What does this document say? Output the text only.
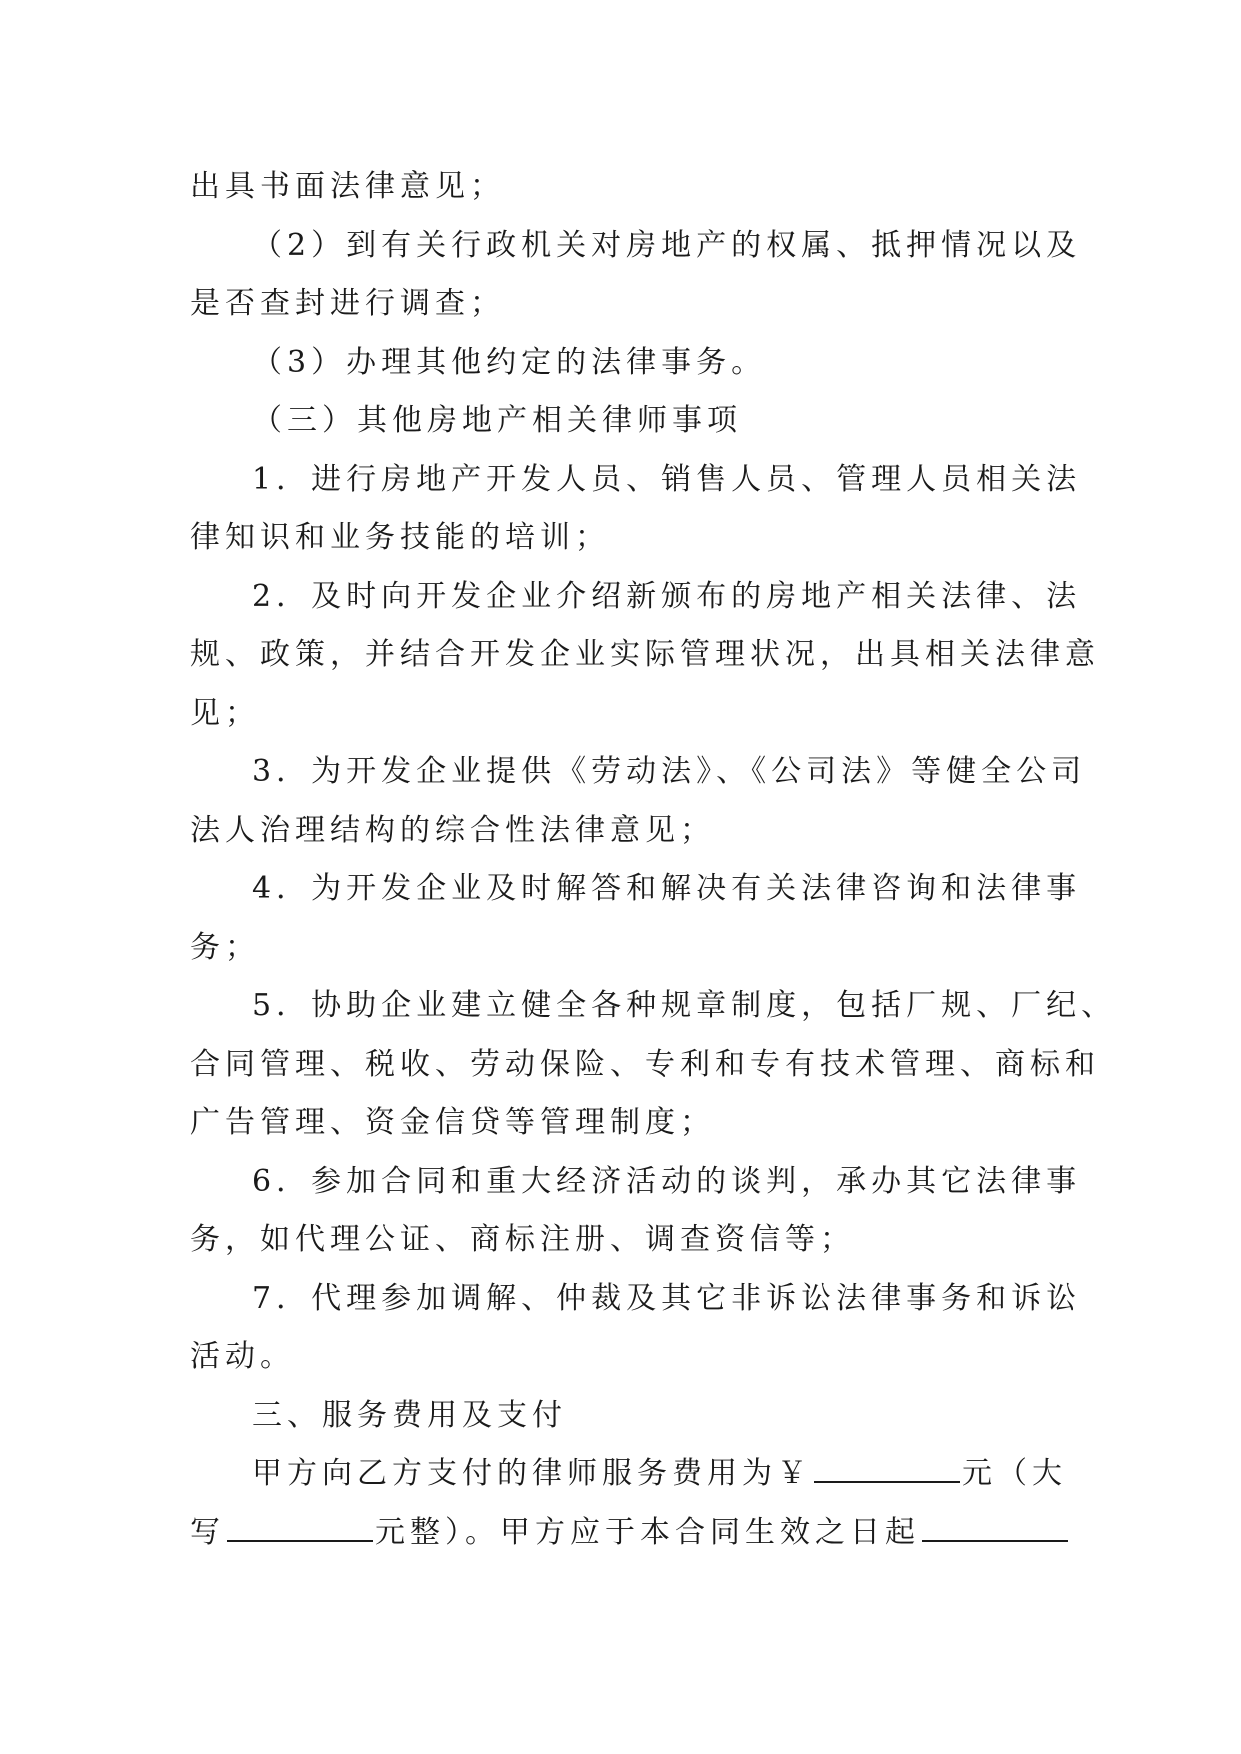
出具书面法律意见；

（2）到有关行政机关对房地产的权属、抵押情况以及
是否查封进行调查；

（3）办理其他约定的法律事务。

（三）其他房地产相关律师事项

1．进行房地产开发人员、销售人员、管理人员相关法
律知识和业务技能的培训；

2．及时向开发企业介绍新颁布的房地产相关法律、法
规、政策，并结合开发企业实际管理状况，出具相关法律意
见；

3．为开发企业提供《劳动法》、《公司法》等健全公司
法人治理结构的综合性法律意见；

4．为开发企业及时解答和解决有关法律咨询和法律事
务；

5．协助企业建立健全各种规章制度，包括厂规、厂纪、
合同管理、税收、劳动保险、专利和专有技术管理、商标和
广告管理、资金信贷等管理制度；

6．参加合同和重大经济活动的谈判，承办其它法律事
务，如代理公证、商标注册、调查资信等；

7．代理参加调解、仲裁及其它非诉讼法律事务和诉讼
活动。

三、服务费用及支付

甲方向乙方支付的律师服务费用为￥	元（大
写	元整）。甲方应于本合同生效之日起
